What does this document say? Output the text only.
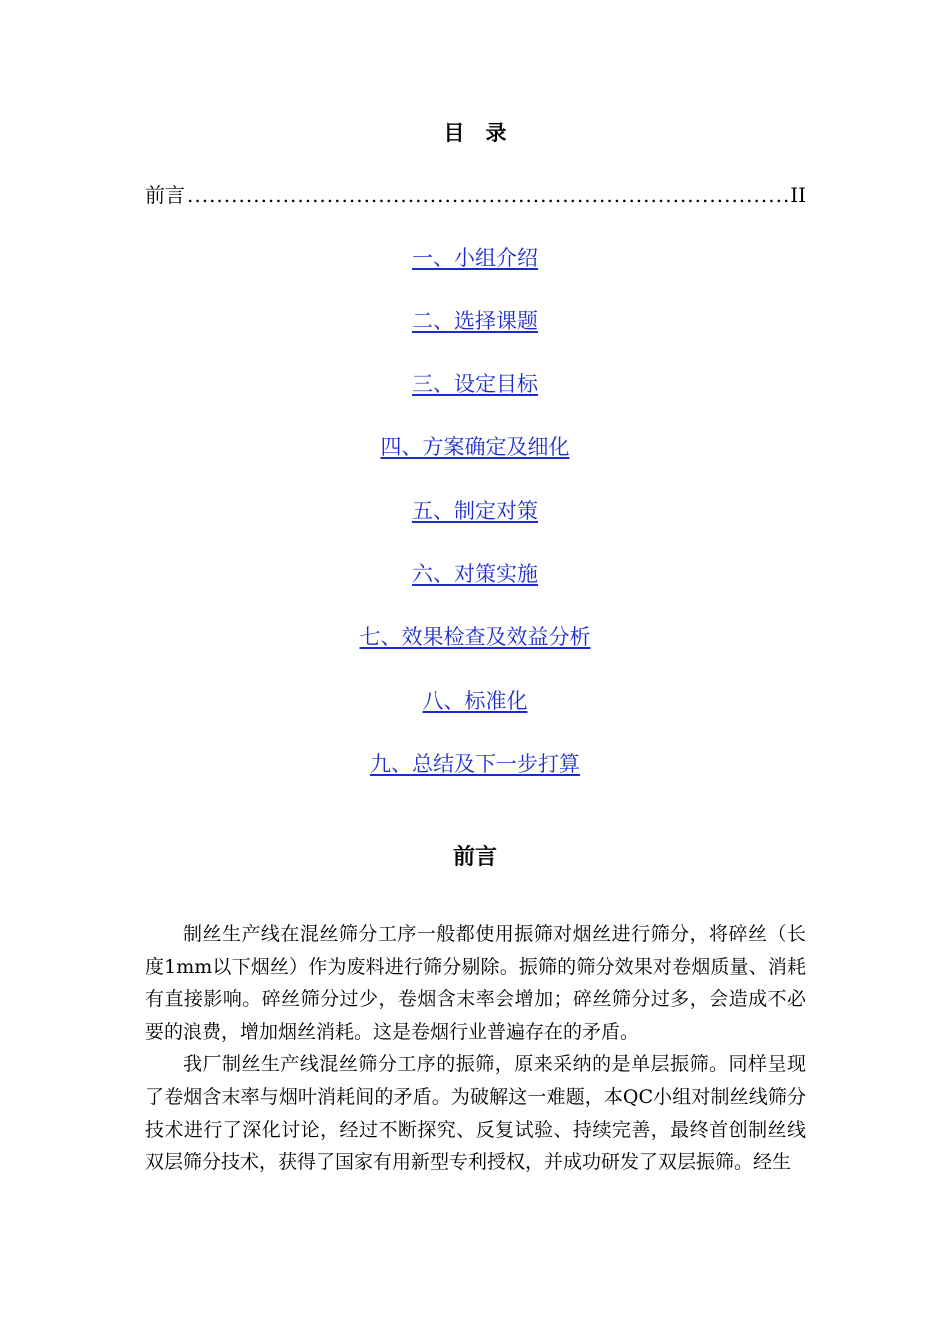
目　录
前言
.....	II
一、小组介绍
二、选择课题
三、设定目标
四、方案确定及细化
五、制定对策
六、对策实施
七、效果检查及效益分析
八、标准化
九、总结及下一步打算
前言

制丝生产线在混丝筛分工序一般都使用振筛对烟丝进行筛分，将碎丝（长度1mm以下烟丝）作为废料进行筛分剔除。振筛的筛分效果对卷烟质量、消耗有直接影响。碎丝筛分过少，卷烟含末率会增加；碎丝筛分过多，会造成不必要的浪费，增加烟丝消耗。这是卷烟行业普遍存在的矛盾。

我厂制丝生产线混丝筛分工序的振筛，原来采纳的是单层振筛。同样呈现了卷烟含末率与烟叶消耗间的矛盾。为破解这一难题，本QC小组对制丝线筛分技术进行了深化讨论，经过不断探究、反复试验、持续完善，最终首创制丝线双层筛分技术，获得了国家有用新型专利授权，并成功研发了双层振筛。经生
